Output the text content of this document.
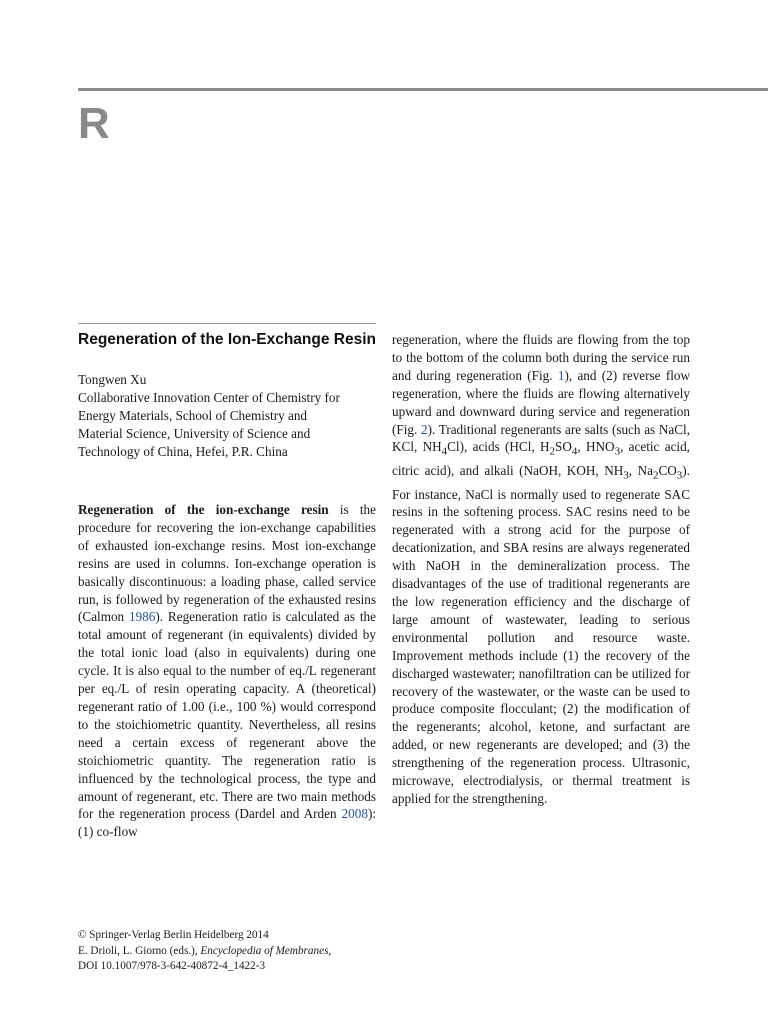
R
Regeneration of the Ion-Exchange Resin
Tongwen Xu
Collaborative Innovation Center of Chemistry for
Energy Materials, School of Chemistry and
Material Science, University of Science and
Technology of China, Hefei, P.R. China

Regeneration of the ion-exchange resin is the procedure for recovering the ion-exchange capabilities of exhausted ion-exchange resins. Most ion-exchange resins are used in columns. Ion-exchange operation is basically discontinuous: a loading phase, called service run, is followed by regeneration of the exhausted resins (Calmon 1986). Regeneration ratio is calculated as the total amount of regenerant (in equivalents) divided by the total ionic load (also in equivalents) during one cycle. It is also equal to the number of eq./L regenerant per eq./L of resin operating capacity. A (theoretical) regenerant ratio of 1.00 (i.e., 100 %) would correspond to the stoichiometric quantity. Nevertheless, all resins need a certain excess of regenerant above the stoichiometric quantity. The regeneration ratio is influenced by the technological process, the type and amount of regenerant, etc. There are two main methods for the regeneration process (Dardel and Arden 2008): (1) co-flow

regeneration, where the fluids are flowing from the top to the bottom of the column both during the service run and during regeneration (Fig. 1), and (2) reverse flow regeneration, where the fluids are flowing alternatively upward and downward during service and regeneration (Fig. 2). Traditional regenerants are salts (such as NaCl, KCl, $NH_4Cl$), acids (HCl, $H_2SO_4$, $HNO_3$, acetic acid, citric acid), and alkali (NaOH, KOH, $NH_3$, $Na_2CO_3$). For instance, NaCl is normally used to regenerate SAC resins in the softening process. SAC resins need to be regenerated with a strong acid for the purpose of decationization, and SBA resins are always regenerated with NaOH in the demineralization process. The disadvantages of the use of traditional regenerants are the low regeneration efficiency and the discharge of large amount of wastewater, leading to serious environmental pollution and resource waste. Improvement methods include (1) the recovery of the discharged wastewater; nanofiltration can be utilized for recovery of the wastewater, or the waste can be used to produce composite flocculant; (2) the modification of the regenerants; alcohol, ketone, and surfactant are added, or new regenerants are developed; and (3) the strengthening of the regeneration process. Ultrasonic, microwave, electrodialysis, or thermal treatment is applied for the strengthening.

© Springer-Verlag Berlin Heidelberg 2014
E. Drioli, L. Giorno (eds.), Encyclopedia of Membranes,
DOI 10.1007/978-3-642-40872-4_1422-3
